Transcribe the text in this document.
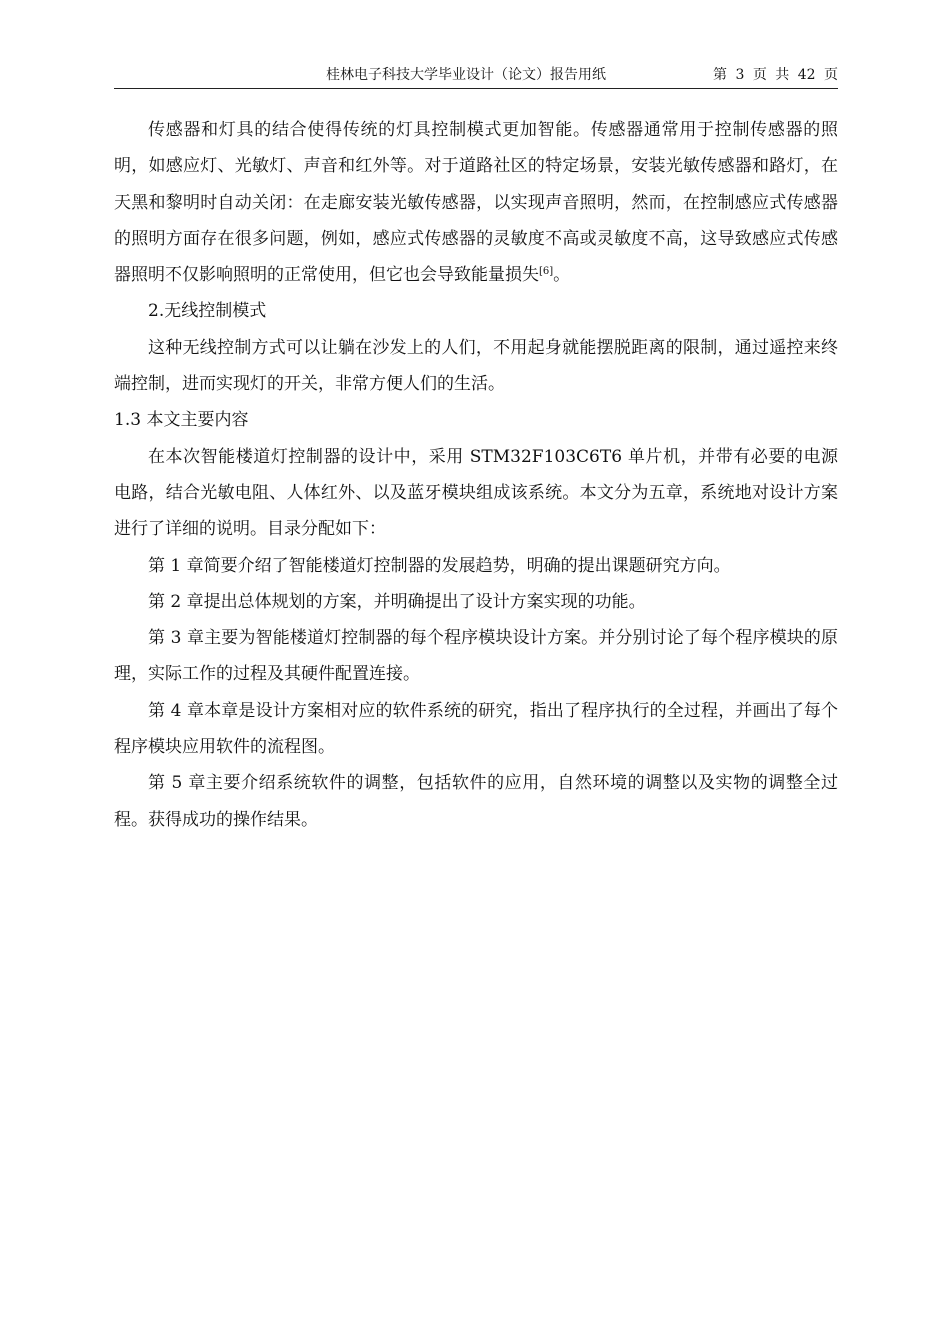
桂林电子科技大学毕业设计（论文）报告用纸	第 3 页 共 42 页

传感器和灯具的结合使得传统的灯具控制模式更加智能。传感器通常用于控制传感器的照明，如感应灯、光敏灯、声音和红外等。对于道路社区的特定场景，安装光敏传感器和路灯，在天黑和黎明时自动关闭：在走廊安装光敏传感器，以实现声音照明，然而，在控制感应式传感器的照明方面存在很多问题，例如，感应式传感器的灵敏度不高或灵敏度不高，这导致感应式传感器照明不仅影响照明的正常使用，但它也会导致能量损失[6]。

2.无线控制模式

这种无线控制方式可以让躺在沙发上的人们，不用起身就能摆脱距离的限制，通过遥控来终端控制，进而实现灯的开关，非常方便人们的生活。

1.3 本文主要内容

在本次智能楼道灯控制器的设计中，采用 STM32F103C6T6 单片机，并带有必要的电源电路，结合光敏电阻、人体红外、以及蓝牙模块组成该系统。本文分为五章，系统地对设计方案进行了详细的说明。目录分配如下：

第 1 章简要介绍了智能楼道灯控制器的发展趋势，明确的提出课题研究方向。

第 2 章提出总体规划的方案，并明确提出了设计方案实现的功能。

第 3 章主要为智能楼道灯控制器的每个程序模块设计方案。并分别讨论了每个程序模块的原理，实际工作的过程及其硬件配置连接。

第 4 章本章是设计方案相对应的软件系统的研究，指出了程序执行的全过程，并画出了每个程序模块应用软件的流程图。

第 5 章主要介绍系统软件的调整，包括软件的应用，自然环境的调整以及实物的调整全过程。获得成功的操作结果。
